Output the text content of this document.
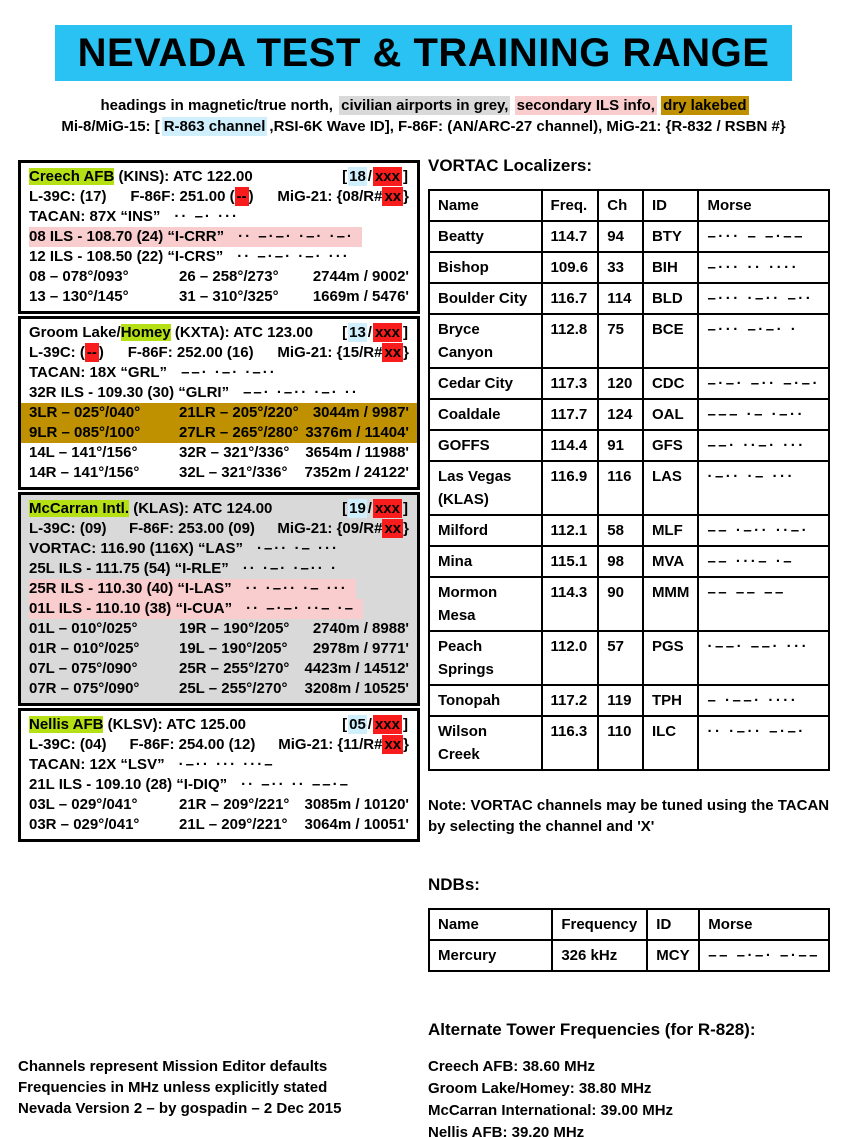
NEVADA TEST & TRAINING RANGE
headings in magnetic/true north, civilian airports in grey, secondary ILS info, dry lakebed
Mi-8/MiG-15: [ R-863 channel ,RSI-6K Wave ID], F-86F: (AN/ARC-27 channel), MiG-21: {R-832 / RSBN #}
Creech AFB (KINS): ATC 122.00	[ 18 / xxx ]
L-39C: (17) F-86F: 251.00 ( -- ) MiG-21: {08/R# xx }
TACAN: 87X “INS” ·· –· ···
08 ILS - 108.70 (24) “I-CRR” ·· –·–· ·–· ·–·
12 ILS - 108.50 (22) “I-CRS” ·· –·–· ·–· ···
08 – 078°/093°	26 – 258°/273°	2744m / 9002'
13 – 130°/145°	31 – 310°/325°	1669m / 5476'
Groom Lake/Homey (KXTA): ATC 123.00 [ 13 / xxx ]
L-39C: ( -- ) F-86F: 252.00 (16) MiG-21: {15/R# xx }
TACAN: 18X “GRL” ––· ·–· ·–··
32R ILS - 109.30 (30) “GLRI” ––· ·–·· ·–· ··
3LR – 025°/040°	21LR – 205°/220° 3044m / 9987'
9LR – 085°/100°	27LR – 265°/280° 3376m / 11404'
14L – 141°/156°	32R – 321°/336°	3654m / 11988'
14R – 141°/156°	32L – 321°/336°	7352m / 24122'
McCarran Intl. (KLAS): ATC 124.00	[ 19 / xxx ]
L-39C: (09) F-86F: 253.00 (09) MiG-21: {09/R# xx }
VORTAC: 116.90 (116X) “LAS” ·–·· ·– ···
25L ILS - 111.75 (54) “I-RLE” ·· ·–· ·–·· ·
25R ILS - 110.30 (40) “I-LAS” ·· ·–·· ·– ···
01L ILS - 110.10 (38) “I-CUA” ·· –·–· ··– ·–
01L – 010°/025°	19R – 190°/205°	2740m / 8988'
01R – 010°/025°	19L – 190°/205°	2978m / 9771'
07L – 075°/090°	25R – 255°/270°	4423m / 14512'
07R – 075°/090°	25L – 255°/270°	3208m / 10525'
Nellis AFB (KLSV): ATC 125.00	[ 05 / xxx ]
L-39C: (04) F-86F: 254.00 (12) MiG-21: {11/R# xx }
TACAN: 12X “LSV” ·–·· ··· ···–
21L ILS - 109.10 (28) “I-DIQ” ·· –·· ·· ––·–
03L – 029°/041°	21R – 209°/221°	3085m / 10120'
03R – 029°/041°	21L – 209°/221°	3064m / 10051'
VORTAC Localizers:
Name	Freq.	Ch	ID	Morse
Beatty	114.7	94	BTY	–··· – –·––
Bishop	109.6	33	BIH	–··· ·· ····
Boulder City	116.7	114	BLD	–··· ·–·· –··
Bryce Canyon	112.8	75	BCE	–··· –·–· ·
Cedar City	117.3	120	CDC	–·–· –·· –·–·
Coaldale	117.7	124	OAL	––– ·– ·–··
GOFFS	114.4	91	GFS	––· ··–· ···
Las Vegas (KLAS)	116.9	116	LAS	·–·· ·– ···
Milford	112.1	58	MLF	–– ·–·· ··–·
Mina	115.1	98	MVA	–– ···– ·–
Mormon Mesa	114.3	90	MMM	–– –– ––
Peach Springs	112.0	57	PGS	·––· ––· ···
Tonopah	117.2	119	TPH	– ·––· ····
Wilson Creek	116.3	110	ILC	·· ·–·· –·–·
Note: VORTAC channels may be tuned using the TACAN by selecting the channel and 'X'
NDBs:
Name	Frequency	ID	Morse
Mercury	326 kHz	MCY	–– –·–· –·––
Alternate Tower Frequencies (for R-828):
Creech AFB: 38.60 MHz
Groom Lake/Homey: 38.80 MHz
McCarran International: 39.00 MHz
Nellis AFB: 39.20 MHz
Channels represent Mission Editor defaults
Frequencies in MHz unless explicitly stated
Nevada Version 2 – by gospadin – 2 Dec 2015
